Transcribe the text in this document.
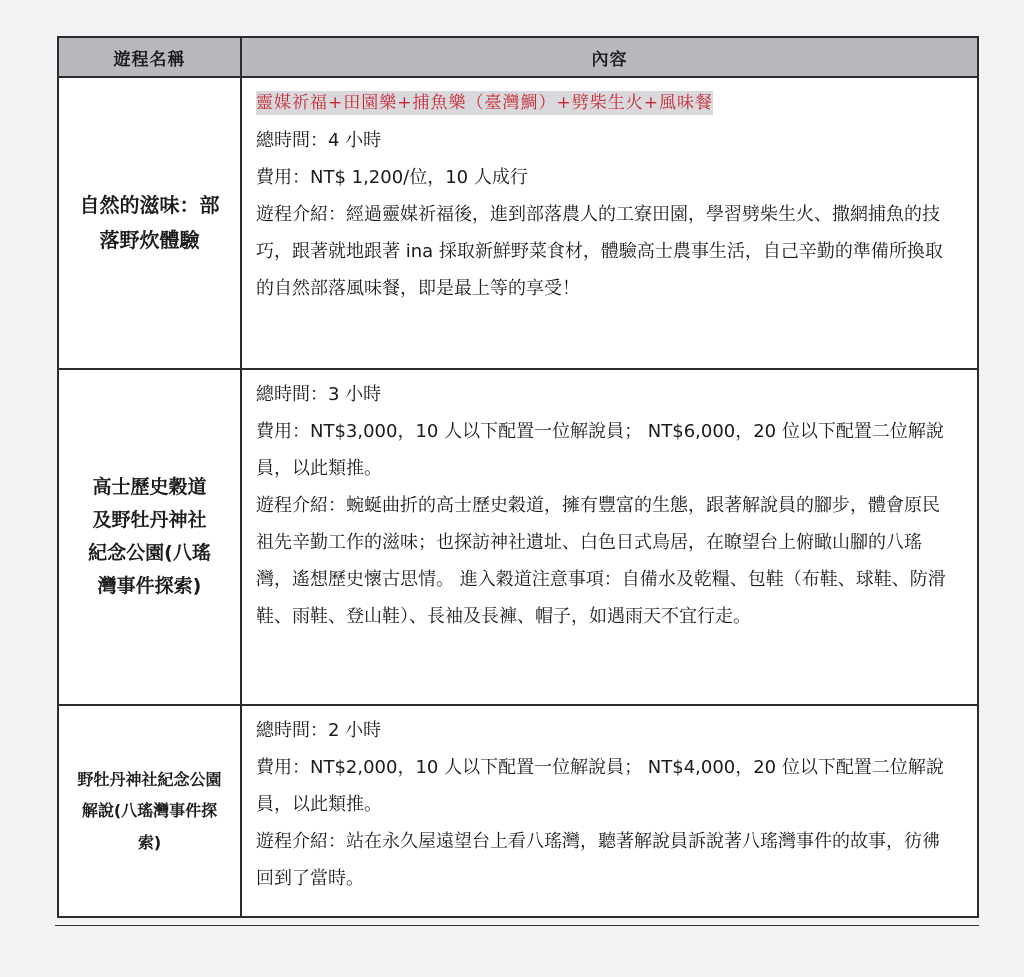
遊程名稱	內容
自然的滋味：部落野炊體驗	靈媒祈福+田園樂+捕魚樂（臺灣鯛）+劈柴生火+風味餐

總時間：4 小時

費用：NT$ 1,200/位，10 人成行

遊程介紹：經過靈媒祈福後，進到部落農人的工寮田園，學習劈柴生火、撒網捕魚的技巧，跟著就地跟著 ina 採取新鮮野菜食材，體驗高士農事生活，自己辛勤的準備所換取的自然部落風味餐，即是最上等的享受！

高士歷史穀道及野牡丹神社紀念公園(八瑤灣事件探索)	總時間：3 小時

費用：NT$3,000，10 人以下配置一位解說員； NT$6,000，20 位以下配置二位解說員，以此類推。

遊程介紹：蜿蜒曲折的高士歷史穀道，擁有豐富的生態，跟著解說員的腳步，體會原民祖先辛勤工作的滋味；也探訪神社遺址、白色日式鳥居，在瞭望台上俯瞰山腳的八瑤灣，遙想歷史懷古思情。 進入穀道注意事項：自備水及乾糧、包鞋（布鞋、球鞋、防滑鞋、雨鞋、登山鞋）、長袖及長褲、帽子，如遇雨天不宜行走。

野牡丹神社紀念公園解說(八瑤灣事件探索)	總時間：2 小時

費用：NT$2,000，10 人以下配置一位解說員； NT$4,000，20 位以下配置二位解說員，以此類推。

遊程介紹：站在永久屋遠望台上看八瑤灣，聽著解說員訴說著八瑤灣事件的故事，彷彿回到了當時。
